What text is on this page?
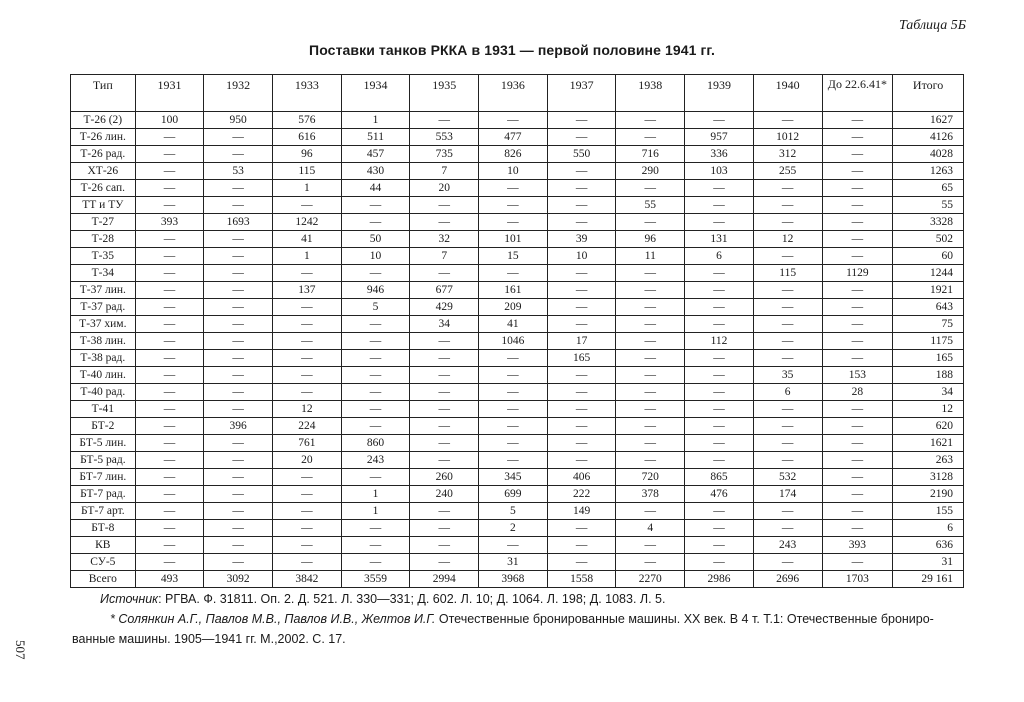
Таблица 5Б
Поставки танков РККА в 1931 — первой половине 1941 гг.
Тип	1931	1932	1933	1934	1935	1936	1937	1938	1939	1940	До 22.6.41*	Итого
Т-26 (2)	100	950	576	1	—	—	—	—	—	—	—	1627
Т-26 лин.	—	—	616	511	553	477	—	—	957	1012	—	4126
Т-26 рад.	—	—	96	457	735	826	550	716	336	312	—	4028
ХТ-26	—	53	115	430	7	10	—	290	103	255	—	1263
Т-26 сап.	—	—	1	44	20	—	—	—	—	—	—	65
ТТ и ТУ	—	—	—	—	—	—	—	55	—	—	—	55
Т-27	393	1693	1242	—	—	—	—	—	—	—	—	3328
Т-28	—	—	41	50	32	101	39	96	131	12	—	502
Т-35	—	—	1	10	7	15	10	11	6	—	—	60
Т-34	—	—	—	—	—	—	—	—	—	115	1129	1244
Т-37 лин.	—	—	137	946	677	161	—	—	—	—	—	1921
Т-37 рад.	—	—	—	5	429	209	—	—	—	—	—	643
Т-37 хим.	—	—	—	—	34	41	—	—	—	—	—	75
Т-38 лин.	—	—	—	—	—	1046	17	—	112	—	—	1175
Т-38 рад.	—	—	—	—	—	—	165	—	—	—	—	165
Т-40 лин.	—	—	—	—	—	—	—	—	—	35	153	188
Т-40 рад.	—	—	—	—	—	—	—	—	—	6	28	34
Т-41	—	—	12	—	—	—	—	—	—	—	—	12
БТ-2	—	396	224	—	—	—	—	—	—	—	—	620
БТ-5 лин.	—	—	761	860	—	—	—	—	—	—	—	1621
БТ-5 рад.	—	—	20	243	—	—	—	—	—	—	—	263
БТ-7 лин.	—	—	—	—	260	345	406	720	865	532	—	3128
БТ-7 рад.	—	—	—	1	240	699	222	378	476	174	—	2190
БТ-7 арт.	—	—	—	1	—	5	149	—	—	—	—	155
БТ-8	—	—	—	—	—	2	—	4	—	—	—	6
КВ	—	—	—	—	—	—	—	—	—	243	393	636
СУ-5	—	—	—	—	—	31	—	—	—	—	—	31
Всего	493	3092	3842	3559	2994	3968	1558	2270	2986	2696	1703	29 161
Источник: РГВА. Ф. 31811. Оп. 2. Д. 521. Л. 330—331; Д. 602. Л. 10; Д. 1064. Л. 198; Д. 1083. Л. 5.
* Солянкин А.Г., Павлов М.В., Павлов И.В., Желтов И.Г. Отечественные бронированные машины. XX век. В 4 т. Т.1: Отечественные брониро-
ванные машины. 1905—1941 гг. М.,2002. С. 17.
507
